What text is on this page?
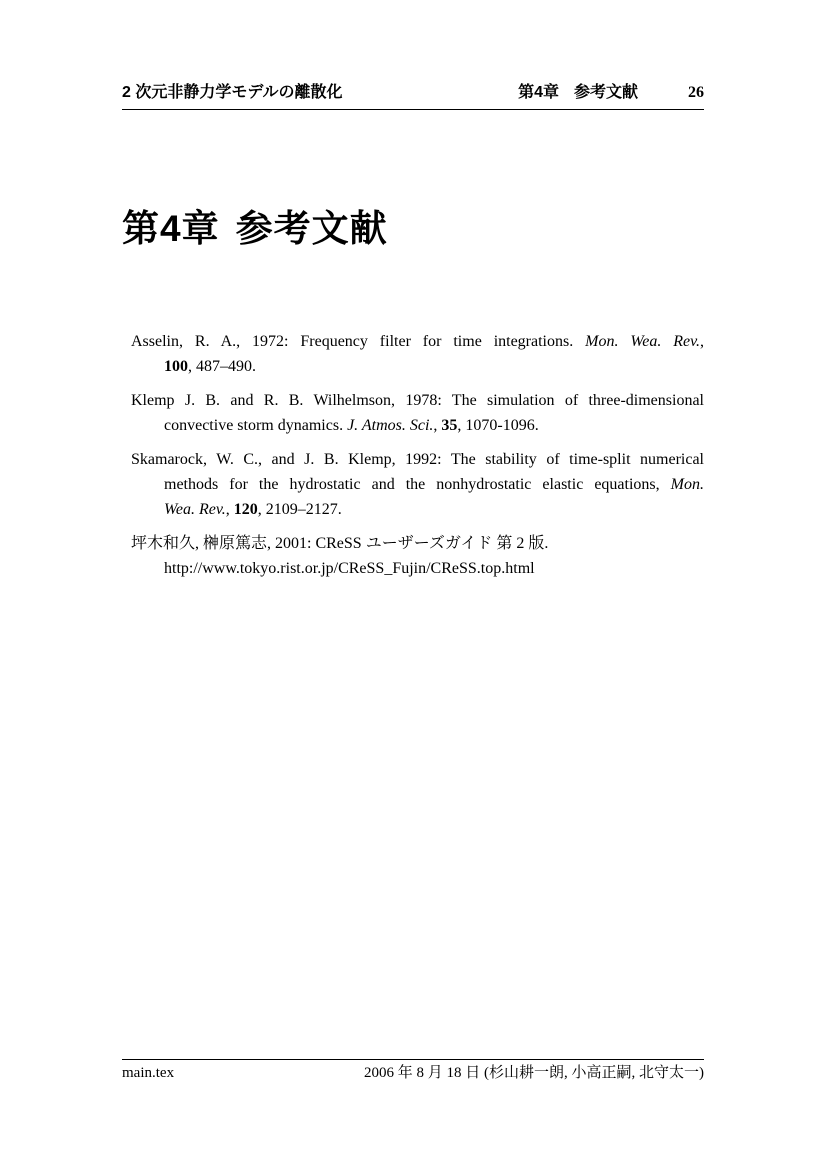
2 次元非静力学モデルの離散化	第4章 参考文献	26
第4章 参考文献
Asselin, R. A., 1972: Frequency filter for time integrations. Mon. Wea. Rev.,
100, 487–490.
Klemp J. B. and R. B. Wilhelmson, 1978: The simulation of three-dimensional
convective storm dynamics. J. Atmos. Sci., 35, 1070-1096.
Skamarock, W. C., and J. B. Klemp, 1992: The stability of time-split numerical
methods for the hydrostatic and the nonhydrostatic elastic equations, Mon.
Wea. Rev., 120, 2109–2127.
坪木和久, 榊原篤志, 2001: CReSS ユーザーズガイド 第 2 版.
http://www.tokyo.rist.or.jp/CReSS_Fujin/CReSS.top.html
main.tex	2006 年 8 月 18 日 (杉山耕一朗, 小高正嗣, 北守太一)
